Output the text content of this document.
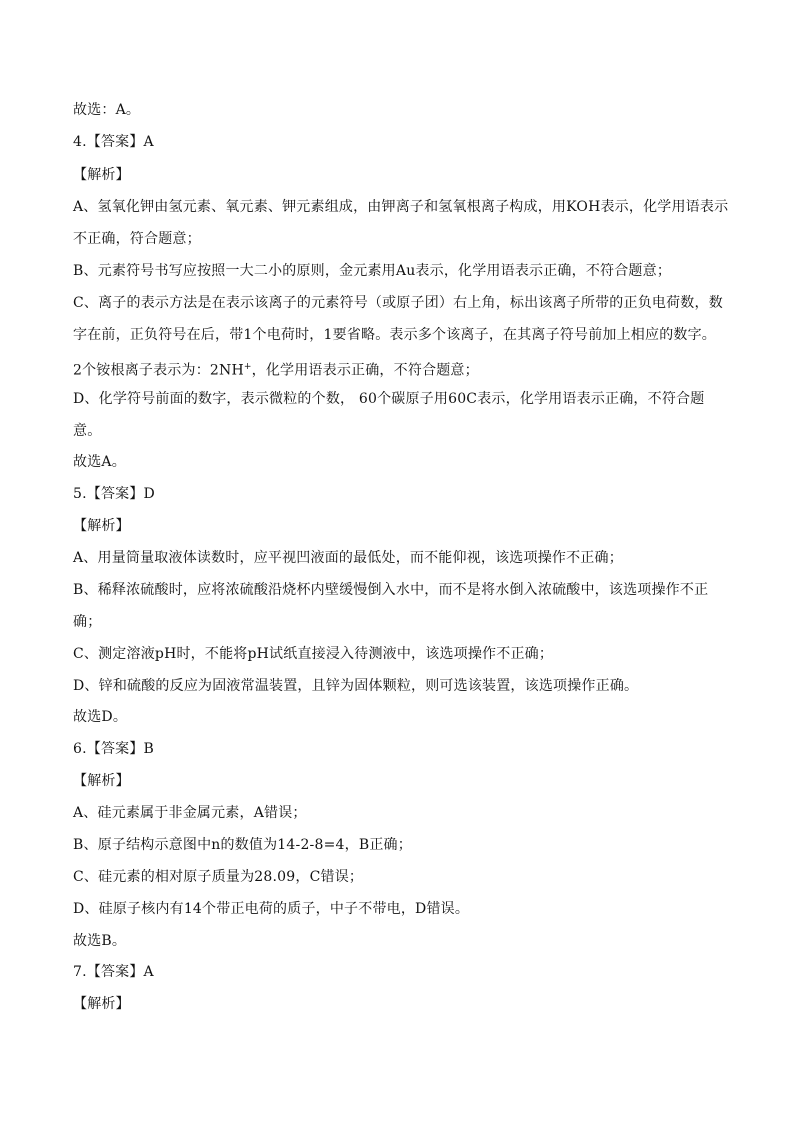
故选：A。
4.【答案】A
【解析】
A、氢氧化钾由氢元素、氧元素、钾元素组成，由钾离子和氢氧根离子构成，用KOH表示，化学用语表示
不正确，符合题意；
B、元素符号书写应按照一大二小的原则，金元素用Au表示，化学用语表示正确，不符合题意；
C、离子的表示方法是在表示该离子的元素符号（或原子团）右上角，标出该离子所带的正负电荷数，数
字在前，正负符号在后，带1个电荷时，1要省略。表示多个该离子，在其离子符号前加上相应的数字。
2个铵根离子表示为：2NH+，化学用语表示正确，不符合题意；
D、化学符号前面的数字，表示微粒的个数， 60个碳原子用60C表示，化学用语表示正确，不符合题
意。
故选A。
5.【答案】D
【解析】
A、用量筒量取液体读数时，应平视凹液面的最低处，而不能仰视，该选项操作不正确；
B、稀释浓硫酸时，应将浓硫酸沿烧杯内壁缓慢倒入水中，而不是将水倒入浓硫酸中，该选项操作不正
确；
C、测定溶液pH时，不能将pH试纸直接浸入待测液中，该选项操作不正确；
D、锌和硫酸的反应为固液常温装置，且锌为固体颗粒，则可选该装置，该选项操作正确。
故选D。
6.【答案】B
【解析】
A、硅元素属于非金属元素，A错误；
B、原子结构示意图中n的数值为14-2-8=4，B正确；
C、硅元素的相对原子质量为28.09，C错误；
D、硅原子核内有14个带正电荷的质子，中子不带电，D错误。
故选B。
7.【答案】A
【解析】
